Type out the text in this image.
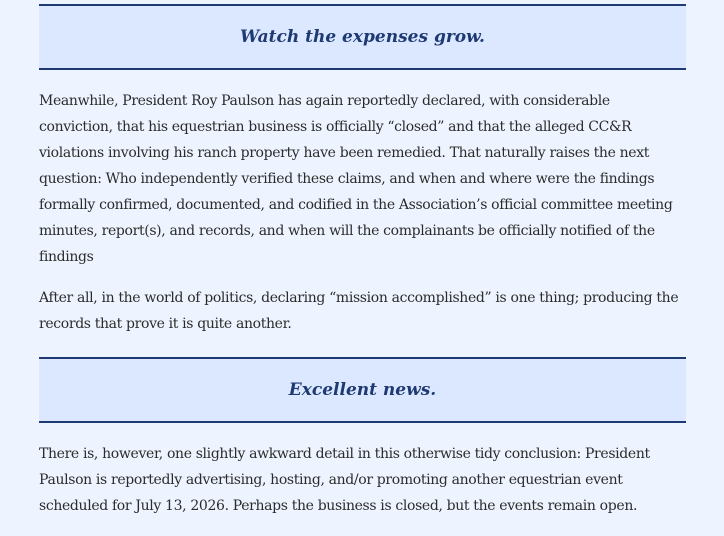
Watch the expenses grow.

Meanwhile, President Roy Paulson has again reportedly declared, with considerable conviction, that his equestrian business is officially “closed” and that the alleged CC&R violations involving his ranch property have been remedied. That naturally raises the next question: Who independently verified these claims, and when and where were the findings formally confirmed, documented, and codified in the Association’s official committee meeting minutes, report(s), and records, and when will the complainants be officially notified of the findings

After all, in the world of politics, declaring “mission accomplished” is one thing; producing the records that prove it is quite another.

Excellent news.

There is, however, one slightly awkward detail in this otherwise tidy conclusion: President Paulson is reportedly advertising, hosting, and/or promoting another equestrian event scheduled for July 13, 2026. Perhaps the business is closed, but the events remain open.
